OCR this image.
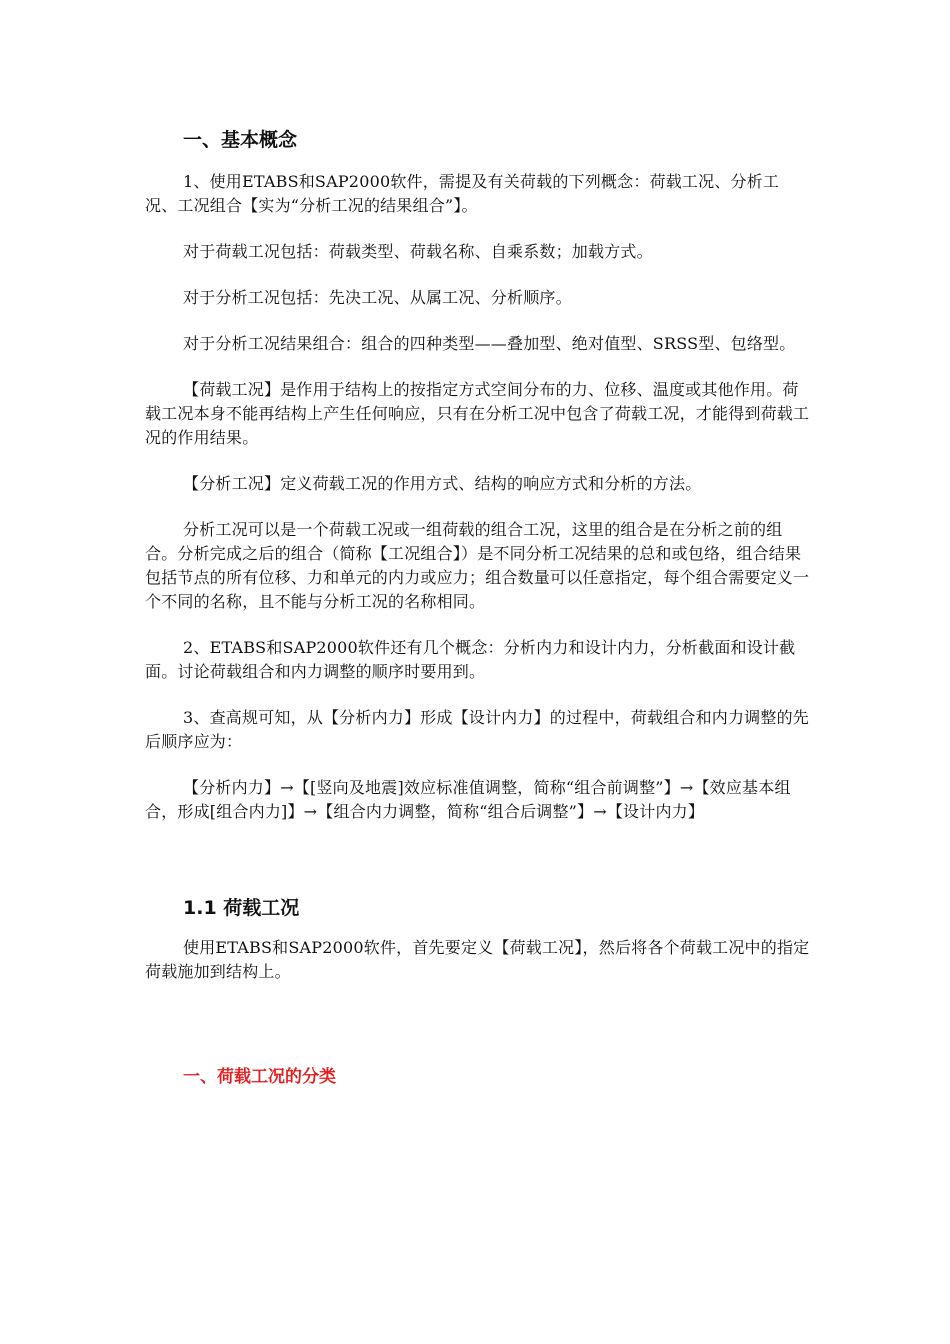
一、基本概念

1、使用ETABS和SAP2000软件，需提及有关荷载的下列概念：荷载工况、分析工况、工况组合【实为“分析工况的结果组合”】。

对于荷载工况包括：荷载类型、荷载名称、自乘系数；加载方式。

对于分析工况包括：先决工况、从属工况、分析顺序。

对于分析工况结果组合：组合的四种类型——叠加型、绝对值型、SRSS型、包络型。

【荷载工况】是作用于结构上的按指定方式空间分布的力、位移、温度或其他作用。荷载工况本身不能再结构上产生任何响应，只有在分析工况中包含了荷载工况，才能得到荷载工况的作用结果。

【分析工况】定义荷载工况的作用方式、结构的响应方式和分析的方法。

分析工况可以是一个荷载工况或一组荷载的组合工况，这里的组合是在分析之前的组合。分析完成之后的组合（简称【工况组合】）是不同分析工况结果的总和或包络，组合结果包括节点的所有位移、力和单元的内力或应力；组合数量可以任意指定，每个组合需要定义一个不同的名称，且不能与分析工况的名称相同。

2、ETABS和SAP2000软件还有几个概念：分析内力和设计内力，分析截面和设计截面。讨论荷载组合和内力调整的顺序时要用到。

3、查高规可知，从【分析内力】形成【设计内力】的过程中，荷载组合和内力调整的先后顺序应为：

【分析内力】→【[竖向及地震]效应标准值调整，简称“组合前调整”】→【效应基本组合，形成[组合内力]】→【组合内力调整，简称“组合后调整”】→【设计内力】

1.1 荷载工况

使用ETABS和SAP2000软件，首先要定义【荷载工况】，然后将各个荷载工况中的指定荷载施加到结构上。

一、荷载工况的分类
